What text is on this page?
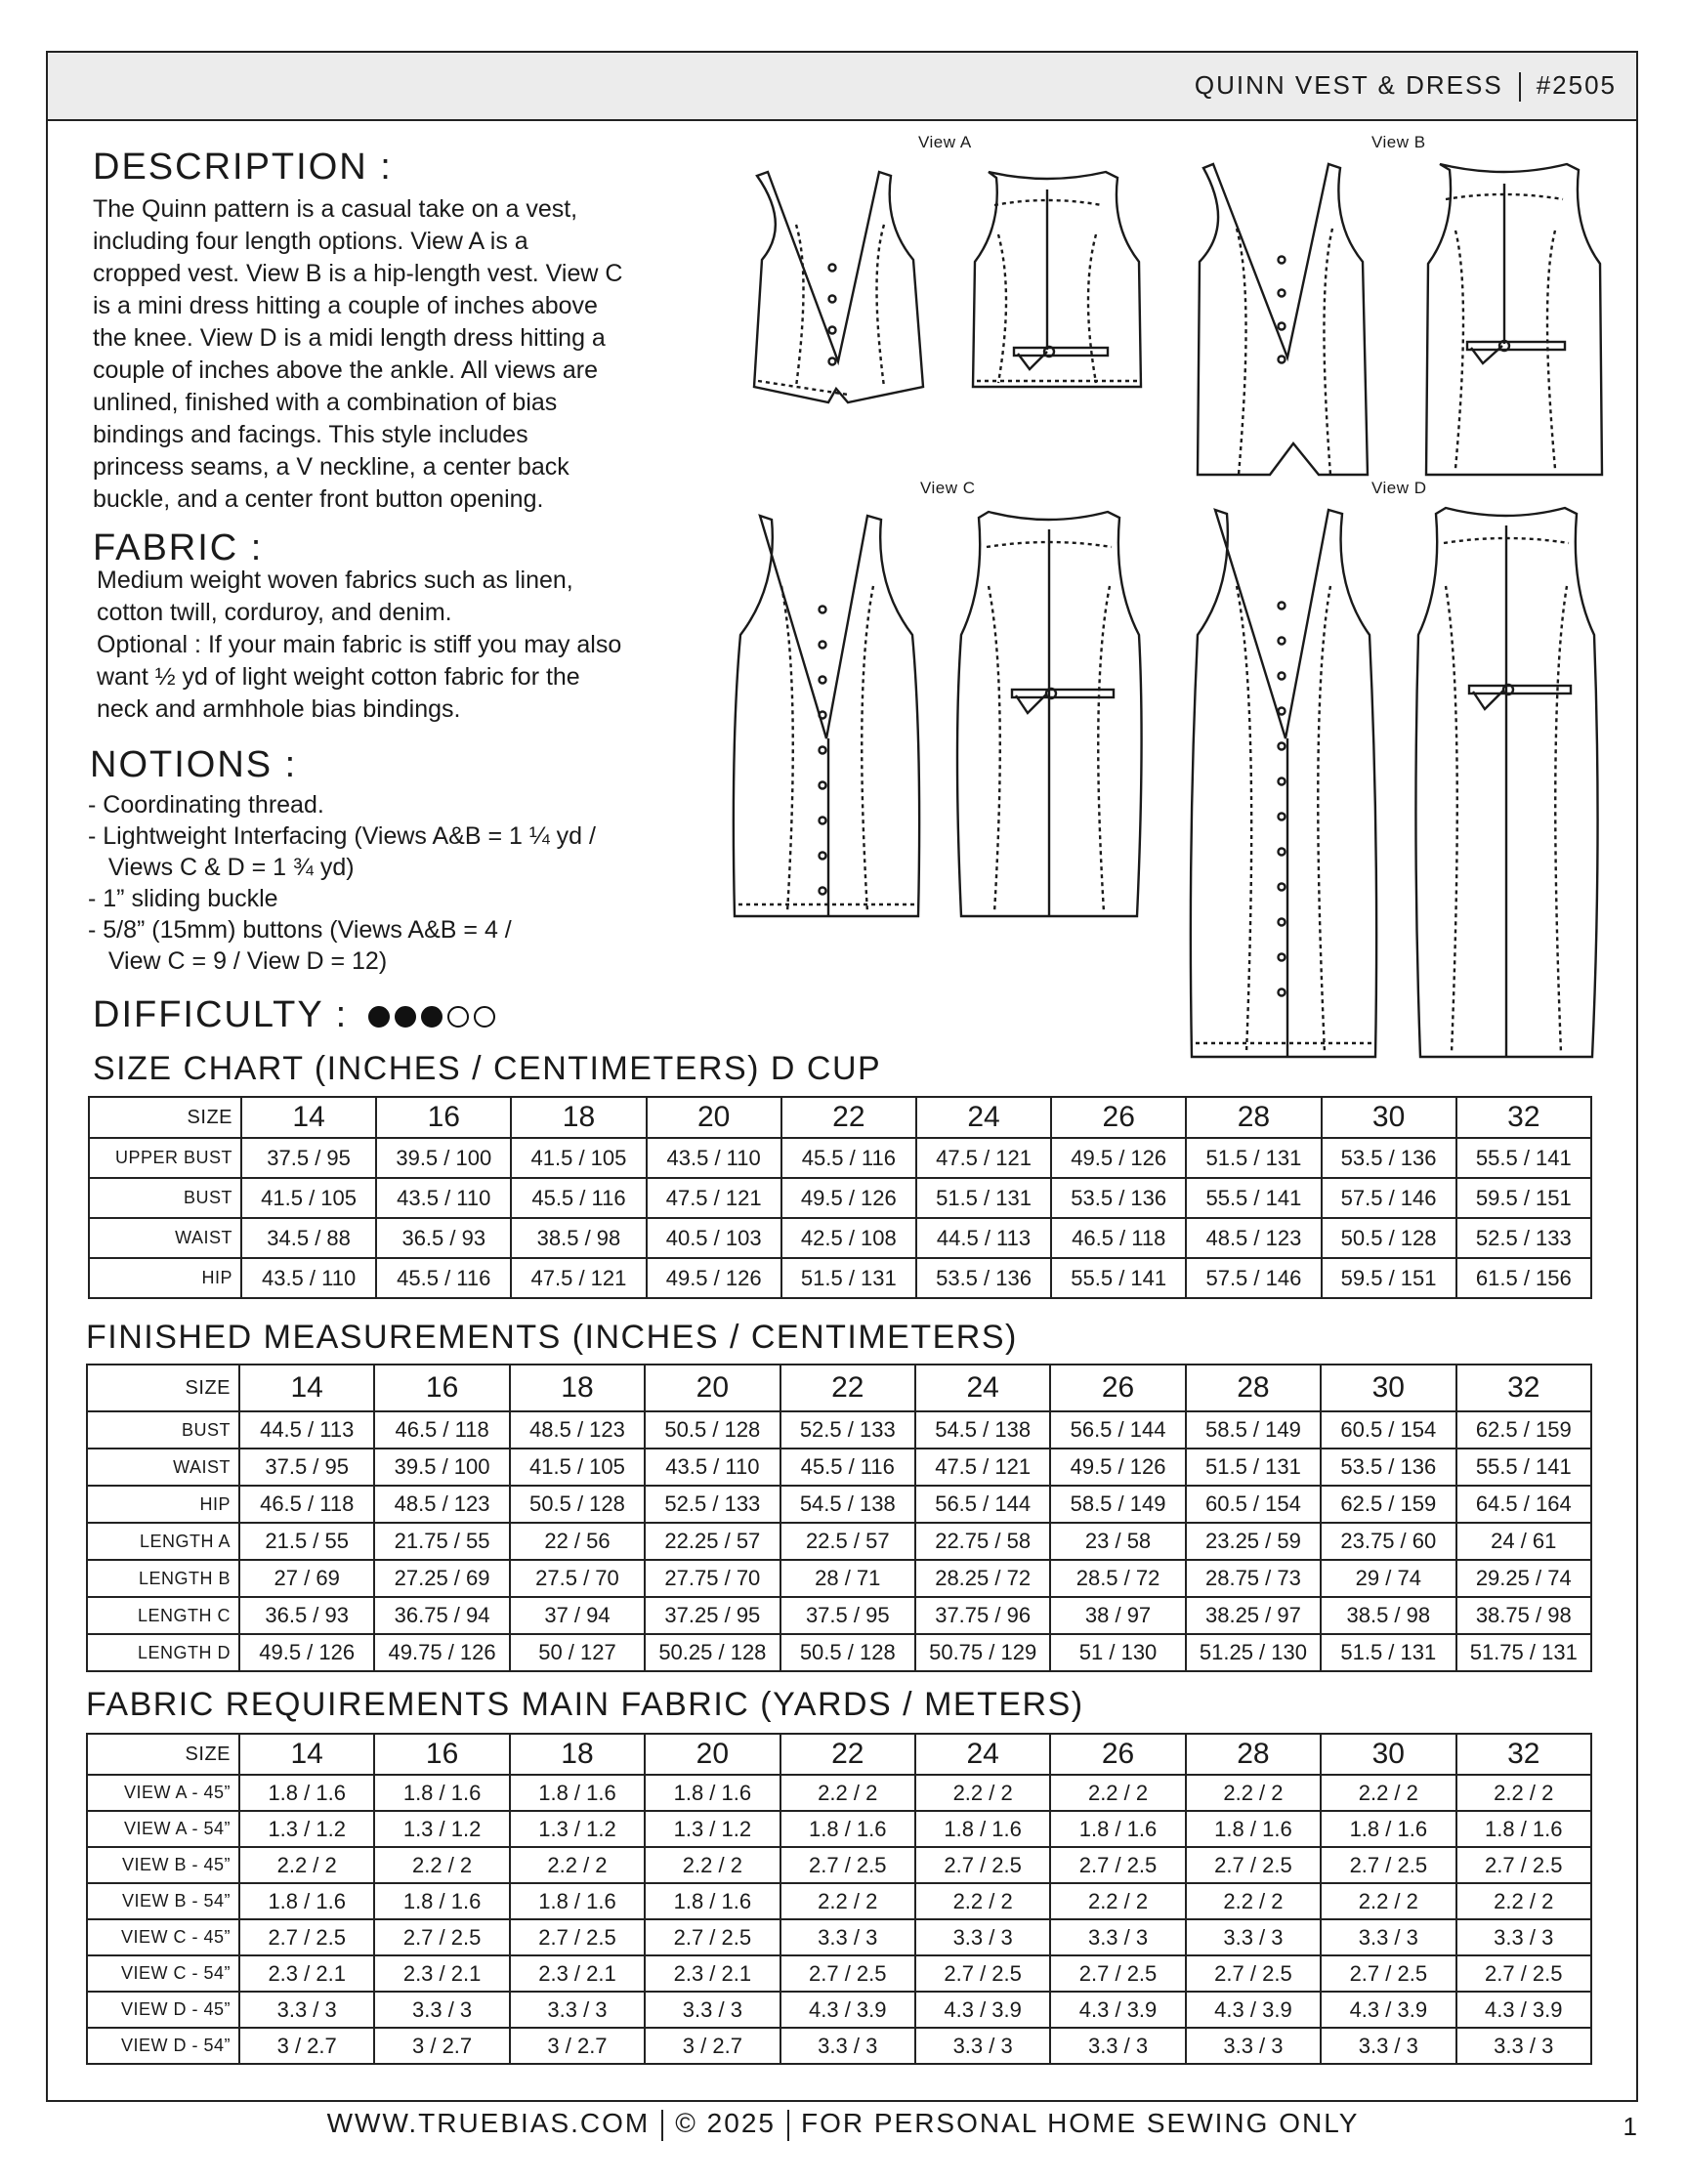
QUINN VEST & DRESS #2505
DESCRIPTION :
The Quinn pattern is a casual take on a vest,
including four length options. View A is a
cropped vest. View B is a hip-length vest. View C
is a mini dress hitting a couple of inches above
the knee. View D is a midi length dress hitting a
couple of inches above the ankle. All views are
unlined, finished with a combination of bias
bindings and facings. This style includes
princess seams, a V neckline, a center back
buckle, and a center front button opening.
FABRIC :
Medium weight woven fabrics such as linen,
cotton twill, corduroy, and denim.
Optional : If your main fabric is stiff you may also
want ½ yd of light weight cotton fabric for the
neck and armhhole bias bindings.
NOTIONS :
- Coordinating thread.
- Lightweight Interfacing (Views A&B = 1 ¼ yd /
Views C & D = 1 ¾ yd)
- 1” sliding buckle
- 5/8” (15mm) buttons (Views A&B = 4 /
View C = 9 / View D = 12)
DIFFICULTY :
View A	View B
View C	View D
SIZE CHART (INCHES / CENTIMETERS) D CUP
SIZE	14	16	18	20	22	24	26	28	30	32
UPPER BUST	37.5 / 95	39.5 / 100	41.5 / 105	43.5 / 110	45.5 / 116	47.5 / 121	49.5 / 126	51.5 / 131	53.5 / 136	55.5 / 141
BUST	41.5 / 105	43.5 / 110	45.5 / 116	47.5 / 121	49.5 / 126	51.5 / 131	53.5 / 136	55.5 / 141	57.5 / 146	59.5 / 151
WAIST	34.5 / 88	36.5 / 93	38.5 / 98	40.5 / 103	42.5 / 108	44.5 / 113	46.5 / 118	48.5 / 123	50.5 / 128	52.5 / 133
HIP	43.5 / 110	45.5 / 116	47.5 / 121	49.5 / 126	51.5 / 131	53.5 / 136	55.5 / 141	57.5 / 146	59.5 / 151	61.5 / 156
FINISHED MEASUREMENTS (INCHES / CENTIMETERS)
SIZE	14	16	18	20	22	24	26	28	30	32
BUST	44.5 / 113	46.5 / 118	48.5 / 123	50.5 / 128	52.5 / 133	54.5 / 138	56.5 / 144	58.5 / 149	60.5 / 154	62.5 / 159
WAIST	37.5 / 95	39.5 / 100	41.5 / 105	43.5 / 110	45.5 / 116	47.5 / 121	49.5 / 126	51.5 / 131	53.5 / 136	55.5 / 141
HIP	46.5 / 118	48.5 / 123	50.5 / 128	52.5 / 133	54.5 / 138	56.5 / 144	58.5 / 149	60.5 / 154	62.5 / 159	64.5 / 164
LENGTH A	21.5 / 55	21.75 / 55	22 / 56	22.25 / 57	22.5 / 57	22.75 / 58	23 / 58	23.25 / 59	23.75 / 60	24 / 61
LENGTH B	27 / 69	27.25 / 69	27.5 / 70	27.75 / 70	28 / 71	28.25 / 72	28.5 / 72	28.75 / 73	29 / 74	29.25 / 74
LENGTH C	36.5 / 93	36.75 / 94	37 / 94	37.25 / 95	37.5 / 95	37.75 / 96	38 / 97	38.25 / 97	38.5 / 98	38.75 / 98
LENGTH D	49.5 / 126	49.75 / 126	50 / 127	50.25 / 128	50.5 / 128	50.75 / 129	51 / 130	51.25 / 130	51.5 / 131	51.75 / 131
FABRIC REQUIREMENTS MAIN FABRIC (YARDS / METERS)
SIZE	14	16	18	20	22	24	26	28	30	32
VIEW A - 45”	1.8 / 1.6	1.8 / 1.6	1.8 / 1.6	1.8 / 1.6	2.2 / 2	2.2 / 2	2.2 / 2	2.2 / 2	2.2 / 2	2.2 / 2
VIEW A - 54”	1.3 / 1.2	1.3 / 1.2	1.3 / 1.2	1.3 / 1.2	1.8 / 1.6	1.8 / 1.6	1.8 / 1.6	1.8 / 1.6	1.8 / 1.6	1.8 / 1.6
VIEW B - 45”	2.2 / 2	2.2 / 2	2.2 / 2	2.2 / 2	2.7 / 2.5	2.7 / 2.5	2.7 / 2.5	2.7 / 2.5	2.7 / 2.5	2.7 / 2.5
VIEW B - 54”	1.8 / 1.6	1.8 / 1.6	1.8 / 1.6	1.8 / 1.6	2.2 / 2	2.2 / 2	2.2 / 2	2.2 / 2	2.2 / 2	2.2 / 2
VIEW C - 45”	2.7 / 2.5	2.7 / 2.5	2.7 / 2.5	2.7 / 2.5	3.3 / 3	3.3 / 3	3.3 / 3	3.3 / 3	3.3 / 3	3.3 / 3
VIEW C - 54”	2.3 / 2.1	2.3 / 2.1	2.3 / 2.1	2.3 / 2.1	2.7 / 2.5	2.7 / 2.5	2.7 / 2.5	2.7 / 2.5	2.7 / 2.5	2.7 / 2.5
VIEW D - 45”	3.3 / 3	3.3 / 3	3.3 / 3	3.3 / 3	4.3 / 3.9	4.3 / 3.9	4.3 / 3.9	4.3 / 3.9	4.3 / 3.9	4.3 / 3.9
VIEW D - 54”	3 / 2.7	3 / 2.7	3 / 2.7	3 / 2.7	3.3 / 3	3.3 / 3	3.3 / 3	3.3 / 3	3.3 / 3	3.3 / 3
WWW.TRUEBIAS.COM © 2025 FOR PERSONAL HOME SEWING ONLY	1
